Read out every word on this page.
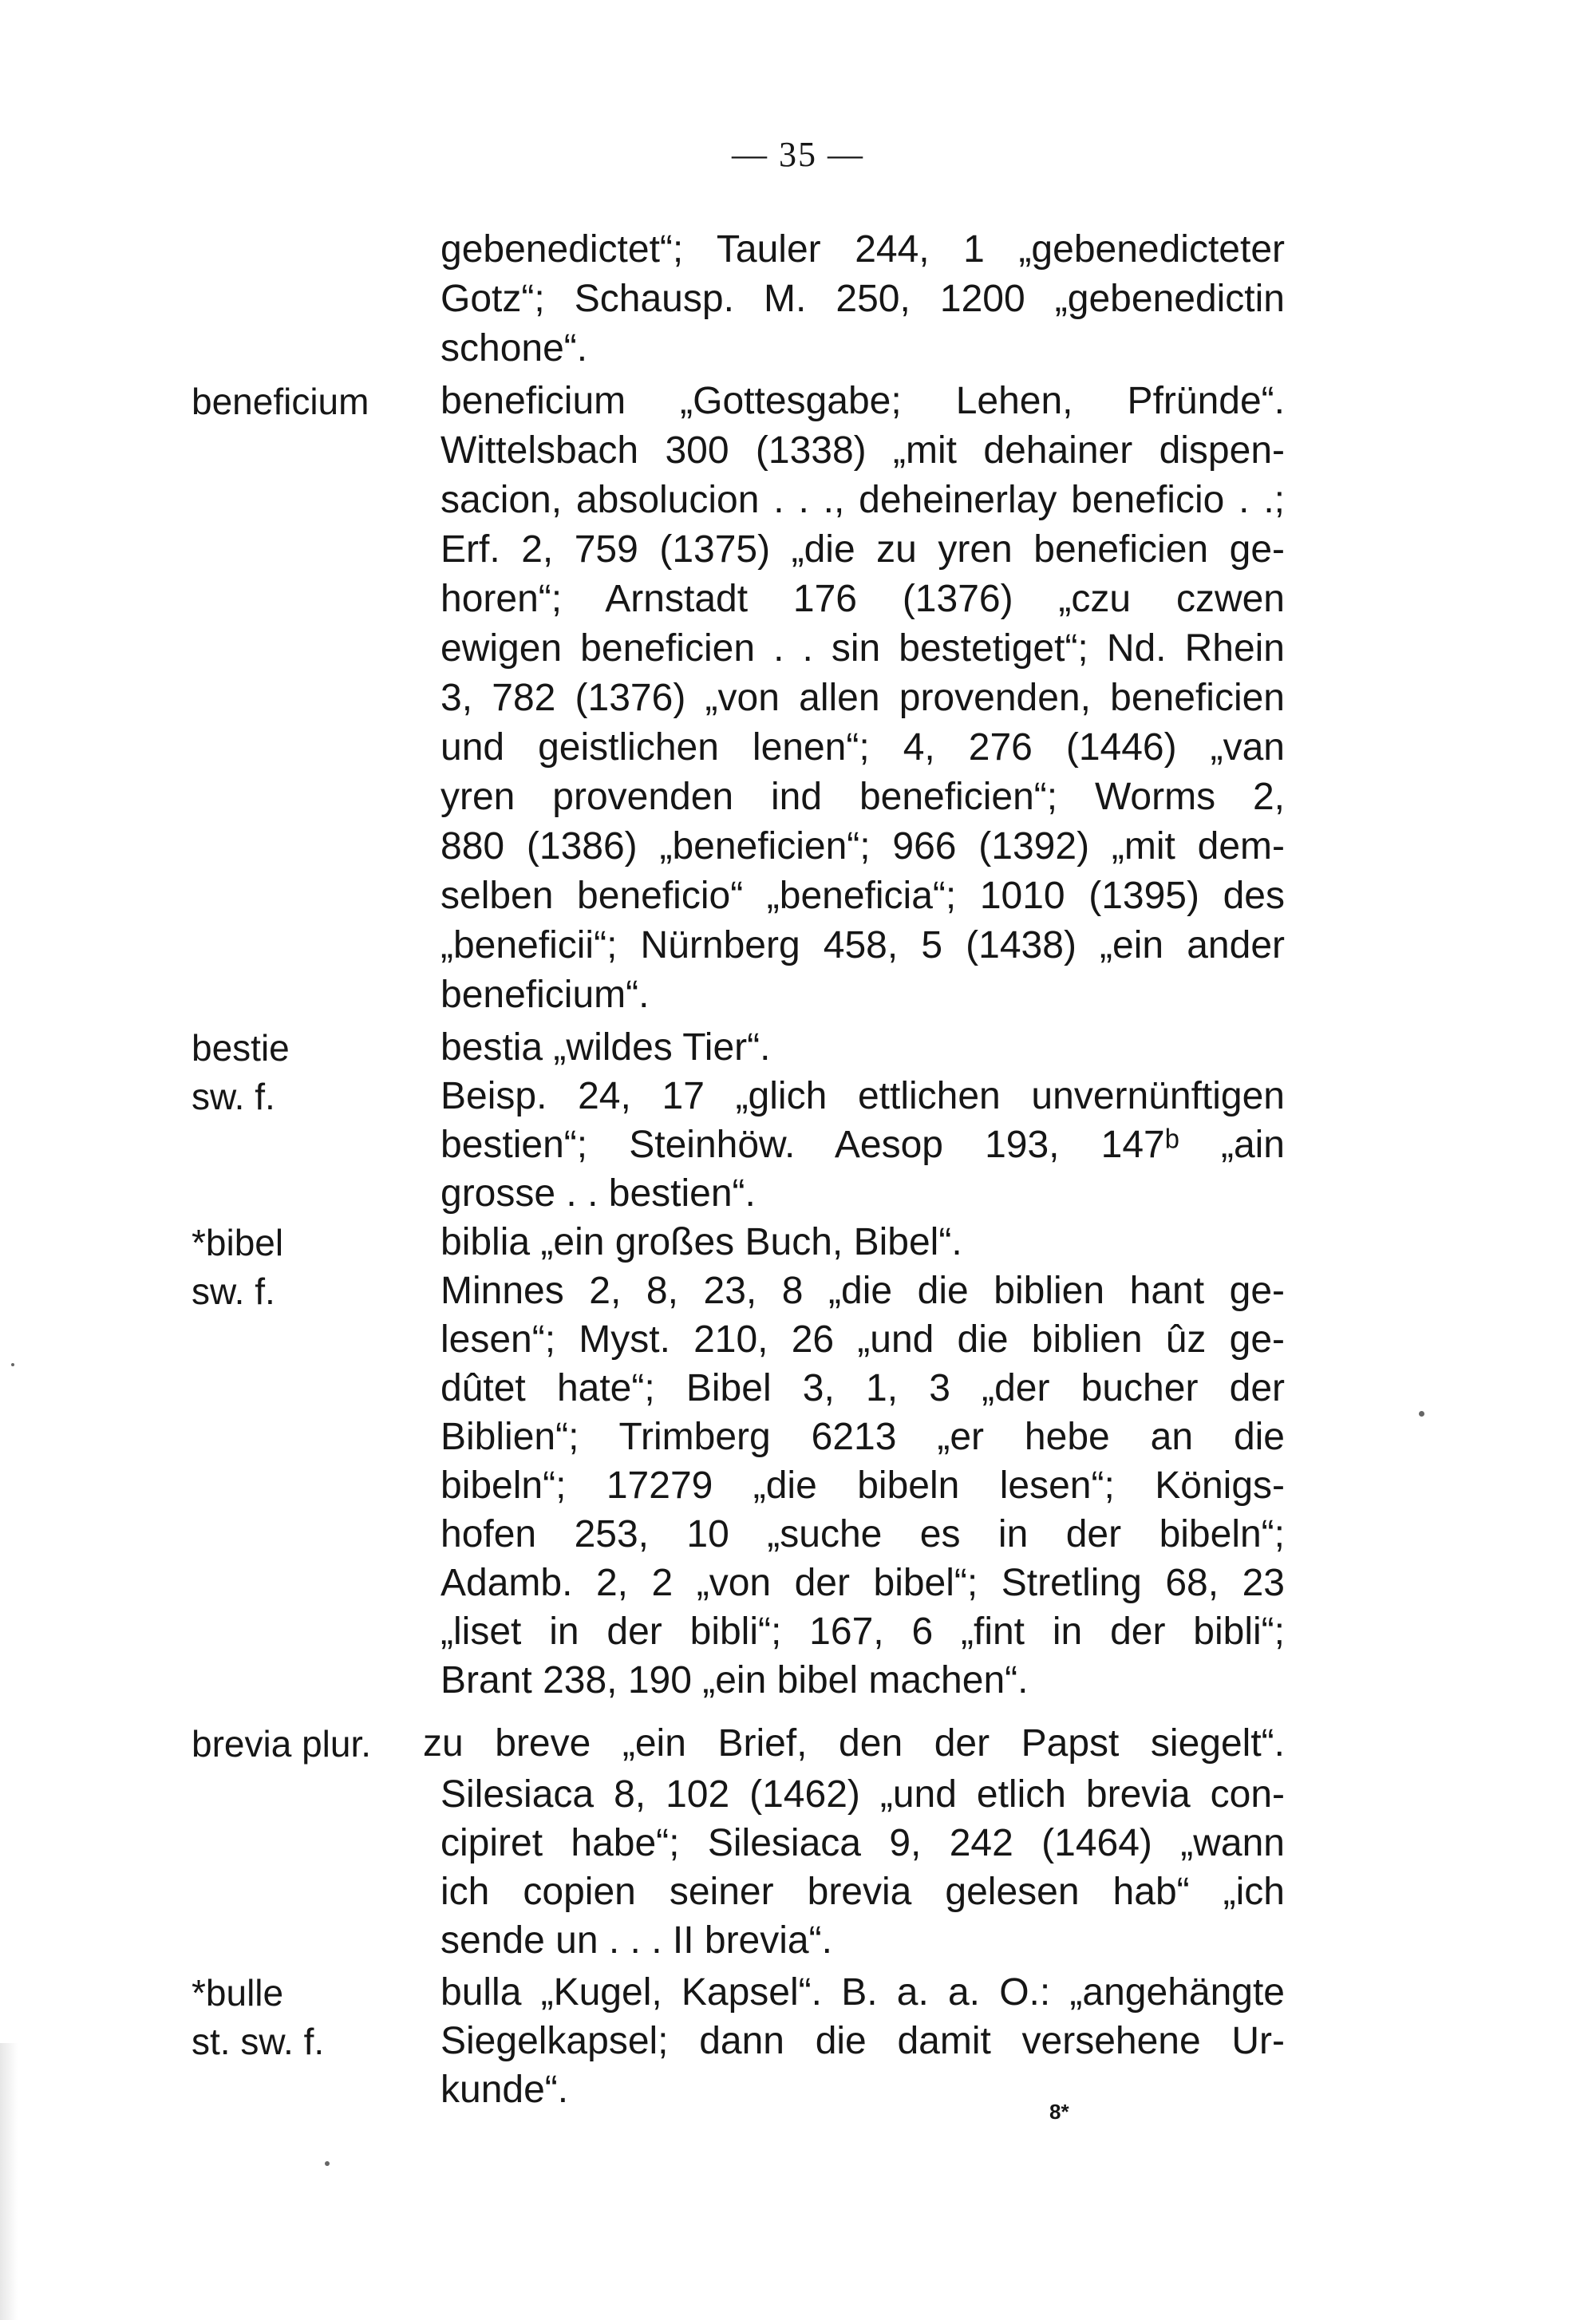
— 35 —
beneficium
bestie
sw. f.
*bibel
sw. f.
brevia plur.
*bulle
st. sw. f.
gebenedictet“; Tauler 244, 1 „gebenedicteter
Gotz“; Schausp. M. 250, 1200 „gebenedictin
schone“.
beneficium „Gottesgabe; Lehen, Pfründe“.
Wittelsbach 300 (1338) „mit dehainer dispen-
sacion, absolucion . . ., deheinerlay beneficio . .;
Erf. 2, 759 (1375) „die zu yren beneficien ge-
horen“; Arnstadt 176 (1376) „czu czwen
ewigen beneficien . . sin bestetiget“; Nd. Rhein
3, 782 (1376) „von allen provenden, beneficien
und geistlichen lenen“; 4, 276 (1446) „van
yren provenden ind beneficien“; Worms 2,
880 (1386) „beneficien“; 966 (1392) „mit dem-
selben beneficio“ „beneficia“; 1010 (1395) des
„beneficii“; Nürnberg 458, 5 (1438) „ein ander
beneficium“.
bestia „wildes Tier“.
Beisp. 24, 17 „glich ettlichen unvernünftigen
bestien“; Steinhöw. Aesop 193, 147ᵇ „ain
grosse . . bestien“.
biblia „ein großes Buch, Bibel“.
Minnes 2, 8, 23, 8 „die die biblien hant ge-
lesen“; Myst. 210, 26 „und die biblien ûz ge-
dûtet hate“; Bibel 3, 1, 3 „der bucher der
Biblien“; Trimberg 6213 „er hebe an die
bibeln“; 17279 „die bibeln lesen“; Königs-
hofen 253, 10 „suche es in der bibeln“;
Adamb. 2, 2 „von der bibel“; Stretling 68, 23
„liset in der bibli“; 167, 6 „fint in der bibli“;
Brant 238, 190 „ein bibel machen“.
zu breve „ein Brief, den der Papst siegelt“.
Silesiaca 8, 102 (1462) „und etlich brevia con-
cipiret habe“; Silesiaca 9, 242 (1464) „wann
ich copien seiner brevia gelesen hab“ „ich
sende un . . . II brevia“.
bulla „Kugel, Kapsel“. B. a. a. O.: „angehängte
Siegelkapsel; dann die damit versehene Ur-
kunde“.
8*
